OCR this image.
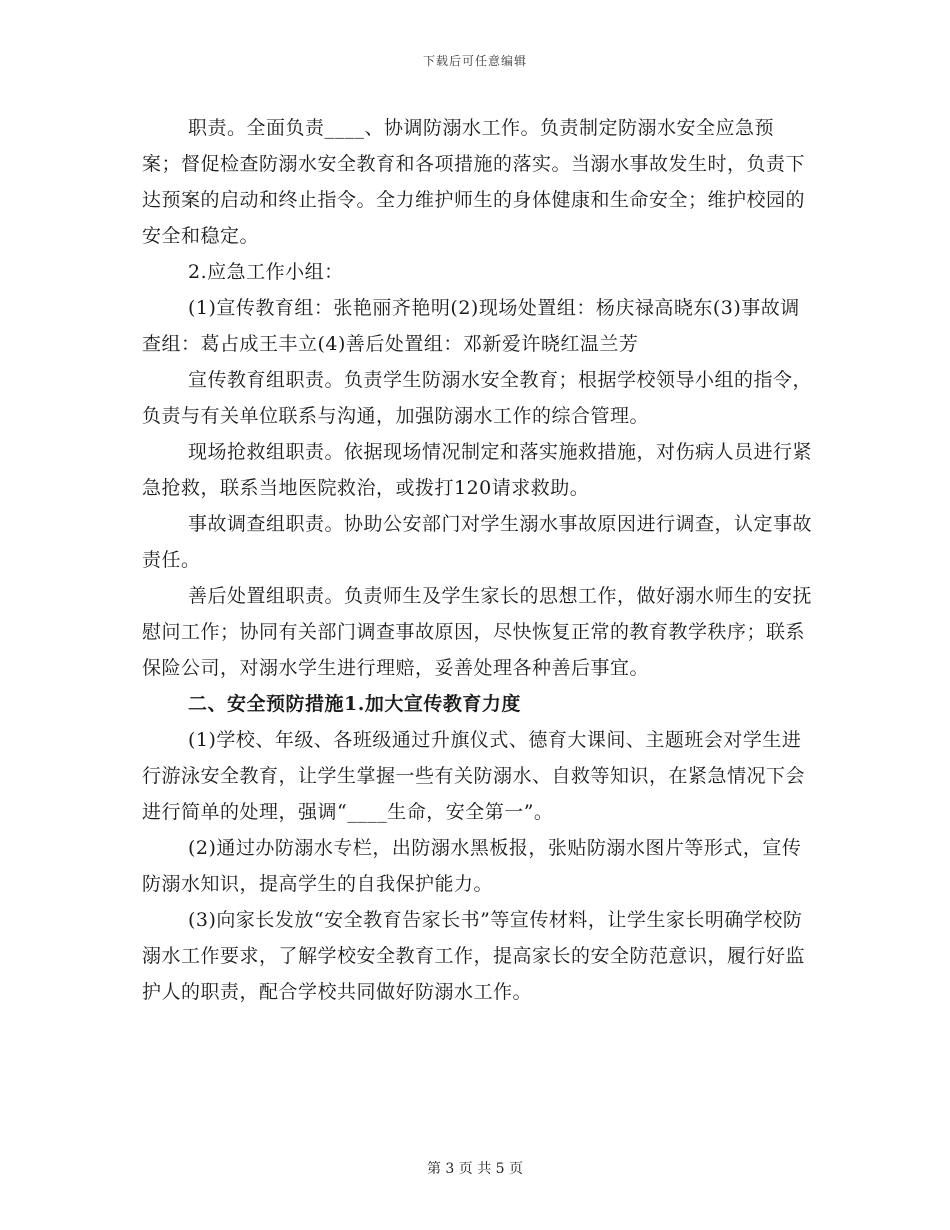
下载后可任意编辑

职责。全面负责____、协调防溺水工作。负责制定防溺水安全应急预案；督促检查防溺水安全教育和各项措施的落实。当溺水事故发生时，负责下达预案的启动和终止指令。全力维护师生的身体健康和生命安全；维护校园的安全和稳定。

2.应急工作小组：

(1)宣传教育组：张艳丽齐艳明(2)现场处置组：杨庆禄高晓东(3)事故调查组：葛占成王丰立(4)善后处置组：邓新爱许晓红温兰芳

宣传教育组职责。负责学生防溺水安全教育；根据学校领导小组的指令，负责与有关单位联系与沟通，加强防溺水工作的综合管理。

现场抢救组职责。依据现场情况制定和落实施救措施，对伤病人员进行紧急抢救，联系当地医院救治，或拨打120请求救助。

事故调查组职责。协助公安部门对学生溺水事故原因进行调查，认定事故责任。

善后处置组职责。负责师生及学生家长的思想工作，做好溺水师生的安抚慰问工作；协同有关部门调查事故原因，尽快恢复正常的教育教学秩序；联系保险公司，对溺水学生进行理赔，妥善处理各种善后事宜。

二、安全预防措施1.加大宣传教育力度

(1)学校、年级、各班级通过升旗仪式、德育大课间、主题班会对学生进行游泳安全教育，让学生掌握一些有关防溺水、自救等知识，在紧急情况下会进行简单的处理，强调“____生命，安全第一”。

(2)通过办防溺水专栏，出防溺水黑板报，张贴防溺水图片等形式，宣传防溺水知识，提高学生的自我保护能力。

(3)向家长发放“安全教育告家长书”等宣传材料，让学生家长明确学校防溺水工作要求，了解学校安全教育工作，提高家长的安全防范意识，履行好监护人的职责，配合学校共同做好防溺水工作。

第 3 页 共 5 页
